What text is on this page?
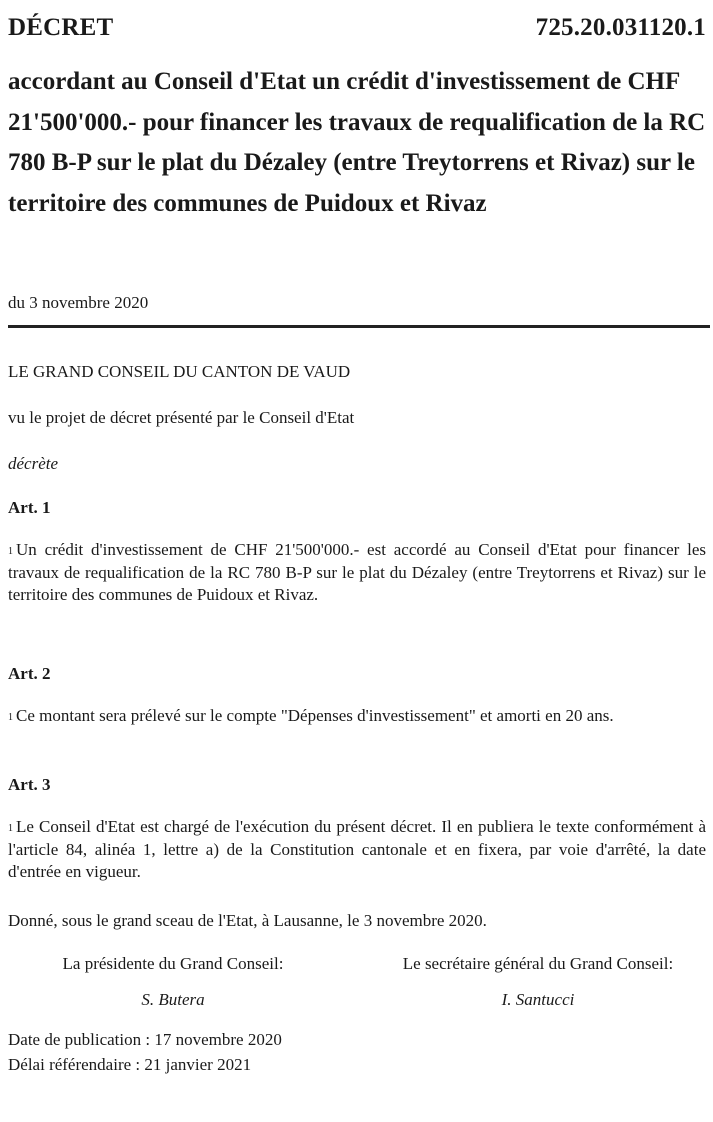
DÉCRET	725.20.031120.1
accordant au Conseil d'Etat un crédit d'investissement de CHF 21'500'000.- pour financer les travaux de requalification de la RC 780 B-P sur le plat du Dézaley (entre Treytorrens et Rivaz) sur le territoire des communes de Puidoux et Rivaz
du 3 novembre 2020
LE GRAND CONSEIL DU CANTON DE VAUD
vu le projet de décret présenté par le Conseil d'Etat
décrète
Art. 1
$^1$ Un crédit d'investissement de CHF 21'500'000.- est accordé au Conseil d'Etat pour financer les travaux de requalification de la RC 780 B-P sur le plat du Dézaley (entre Treytorrens et Rivaz) sur le territoire des communes de Puidoux et Rivaz.
Art. 2
$^1$ Ce montant sera prélevé sur le compte "Dépenses d'investissement" et amorti en 20 ans.
Art. 3
$^1$ Le Conseil d'Etat est chargé de l'exécution du présent décret. Il en publiera le texte conformément à l'article 84, alinéa 1, lettre a) de la Constitution cantonale et en fixera, par voie d'arrêté, la date d'entrée en vigueur.
Donné, sous le grand sceau de l'Etat, à Lausanne, le 3 novembre 2020.
La présidente du Grand Conseil:	Le secrétaire général du Grand Conseil:
S. Butera	I. Santucci
Date de publication : 17 novembre 2020
Délai référendaire : 21 janvier 2021
